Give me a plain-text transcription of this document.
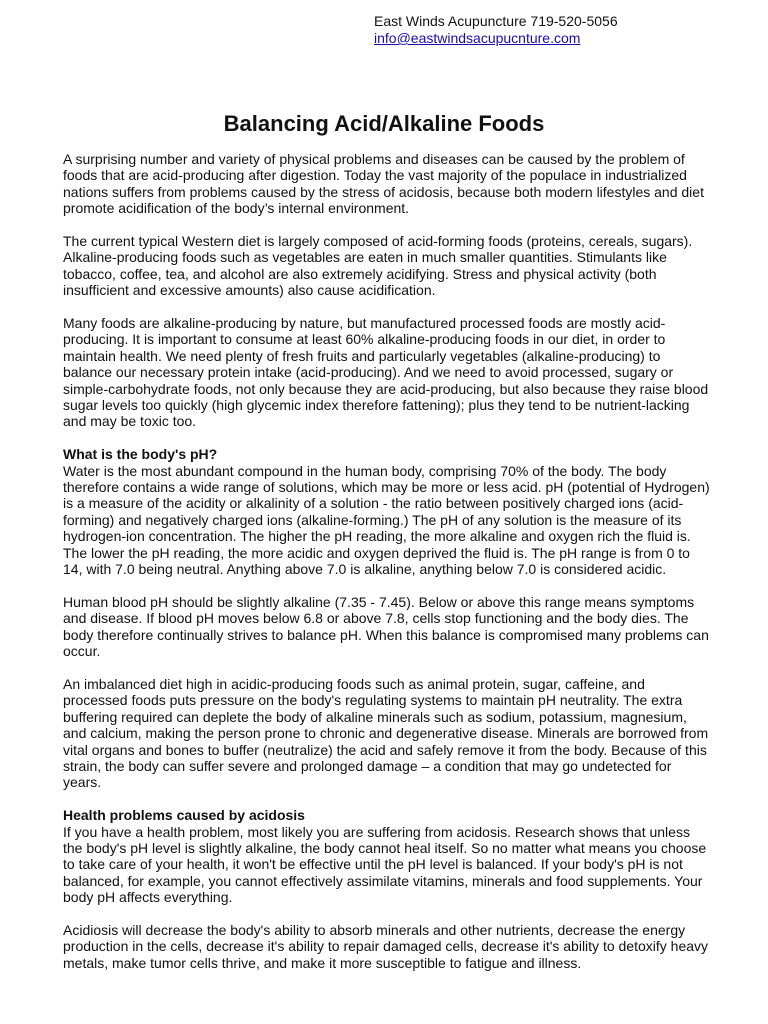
East Winds Acupuncture 719-520-5056
info@eastwindsacupucnture.com
Balancing Acid/Alkaline Foods

A surprising number and variety of physical problems and diseases can be caused by the problem of foods that are acid-producing after digestion. Today the vast majority of the populace in industrialized nations suffers from problems caused by the stress of acidosis, because both modern lifestyles and diet promote acidification of the body’s internal environment.

The current typical Western diet is largely composed of acid-forming foods (proteins, cereals, sugars). Alkaline-producing foods such as vegetables are eaten in much smaller quantities. Stimulants like tobacco, coffee, tea, and alcohol are also extremely acidifying. Stress and physical activity (both insufficient and excessive amounts) also cause acidification.

Many foods are alkaline-producing by nature, but manufactured processed foods are mostly acid-producing. It is important to consume at least 60% alkaline-producing foods in our diet, in order to maintain health. We need plenty of fresh fruits and particularly vegetables (alkaline-producing) to balance our necessary protein intake (acid-producing). And we need to avoid processed, sugary or simple-carbohydrate foods, not only because they are acid-producing, but also because they raise blood sugar levels too quickly (high glycemic index therefore fattening); plus they tend to be nutrient-lacking and may be toxic too.

What is the body's pH?

Water is the most abundant compound in the human body, comprising 70% of the body. The body therefore contains a wide range of solutions, which may be more or less acid. pH (potential of Hydrogen) is a measure of the acidity or alkalinity of a solution - the ratio between positively charged ions (acid-forming) and negatively charged ions (alkaline-forming.) The pH of any solution is the measure of its hydrogen-ion concentration. The higher the pH reading, the more alkaline and oxygen rich the fluid is. The lower the pH reading, the more acidic and oxygen deprived the fluid is. The pH range is from 0 to 14, with 7.0 being neutral. Anything above 7.0 is alkaline, anything below 7.0 is considered acidic.

Human blood pH should be slightly alkaline (7.35 - 7.45). Below or above this range means symptoms and disease. If blood pH moves below 6.8 or above 7.8, cells stop functioning and the body dies. The body therefore continually strives to balance pH. When this balance is compromised many problems can occur.

An imbalanced diet high in acidic-producing foods such as animal protein, sugar, caffeine, and processed foods puts pressure on the body's regulating systems to maintain pH neutrality. The extra buffering required can deplete the body of alkaline minerals such as sodium, potassium, magnesium, and calcium, making the person prone to chronic and degenerative disease. Minerals are borrowed from vital organs and bones to buffer (neutralize) the acid and safely remove it from the body. Because of this strain, the body can suffer severe and prolonged damage – a condition that may go undetected for years.

Health problems caused by acidosis

If you have a health problem, most likely you are suffering from acidosis. Research shows that unless the body's pH level is slightly alkaline, the body cannot heal itself. So no matter what means you choose to take care of your health, it won't be effective until the pH level is balanced. If your body's pH is not balanced, for example, you cannot effectively assimilate vitamins, minerals and food supplements. Your body pH affects everything.

Acidiosis will decrease the body's ability to absorb minerals and other nutrients, decrease the energy production in the cells, decrease it's ability to repair damaged cells, decrease it's ability to detoxify heavy metals, make tumor cells thrive, and make it more susceptible to fatigue and illness.
